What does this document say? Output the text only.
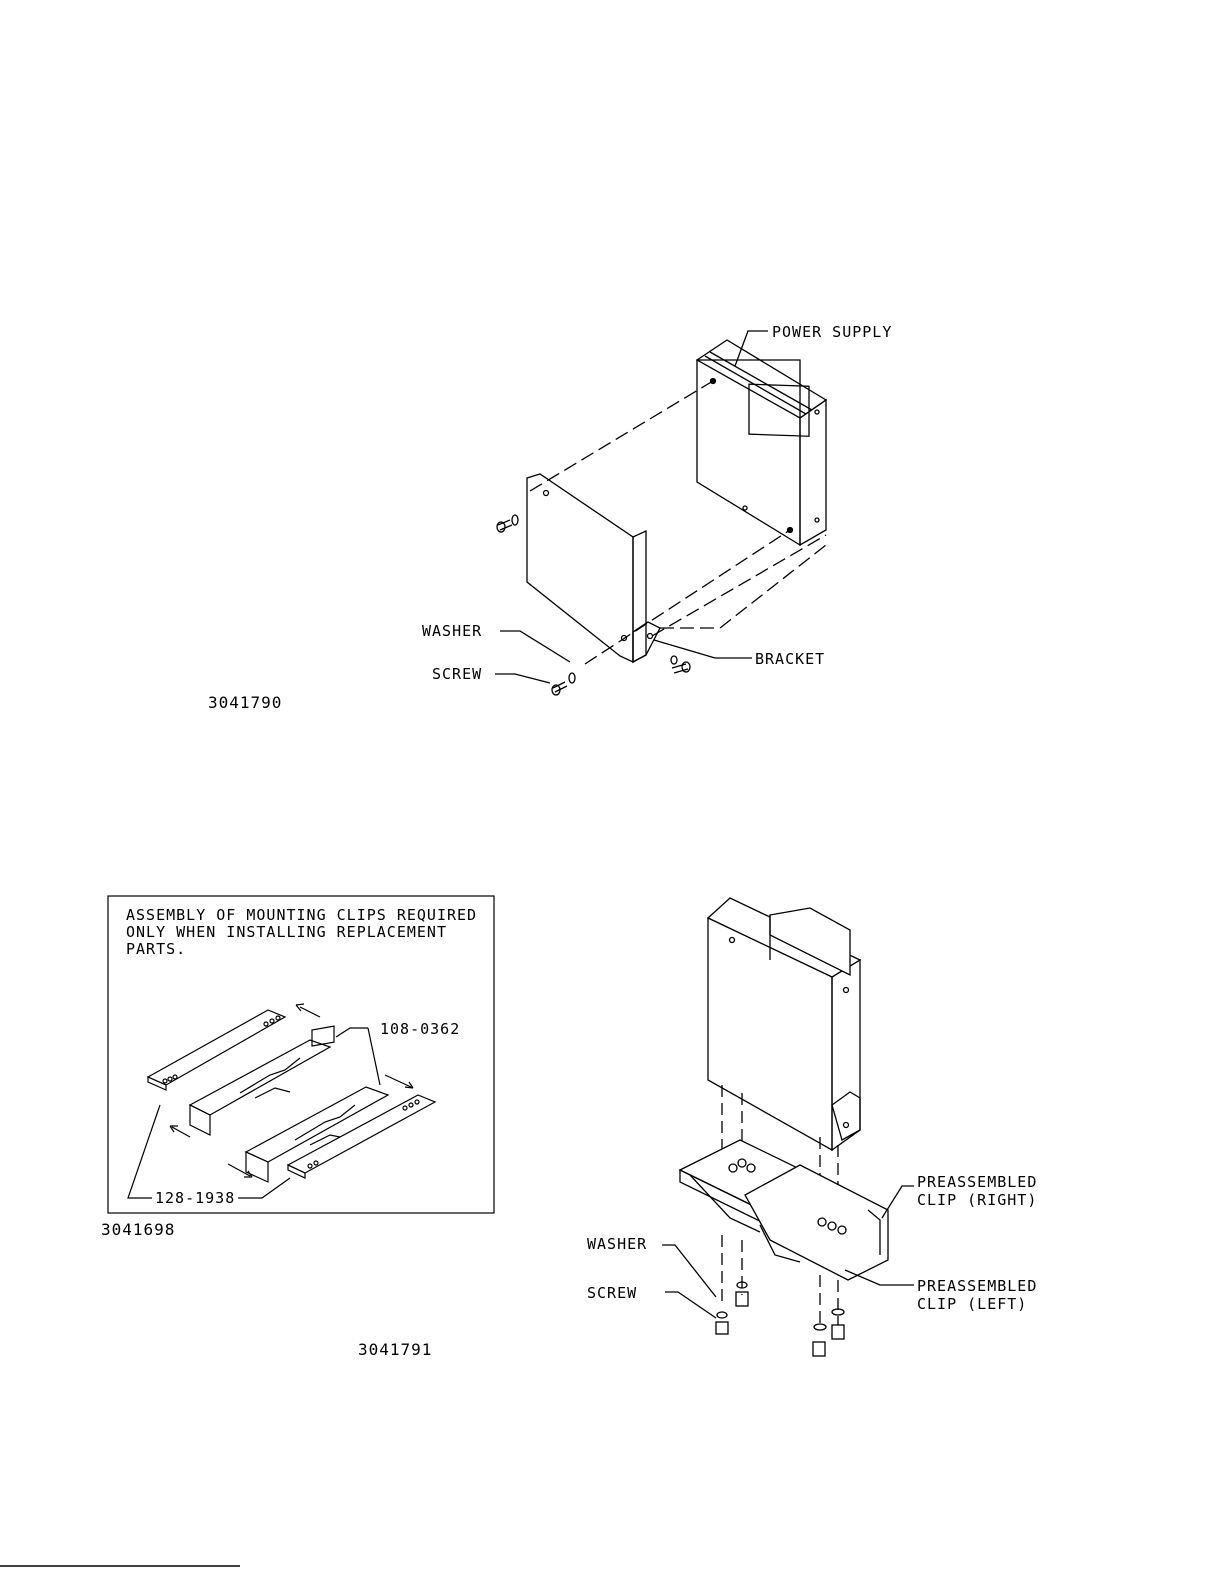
POWER SUPPLY
WASHER
SCREW
BRACKET
3041790
ASSEMBLY OF MOUNTING CLIPS REQUIRED
ONLY WHEN INSTALLING REPLACEMENT
PARTS.
108-0362
128-1938
3041698
WASHER
SCREW
PREASSEMBLED
CLIP (RIGHT)
PREASSEMBLED
CLIP (LEFT)
3041791
